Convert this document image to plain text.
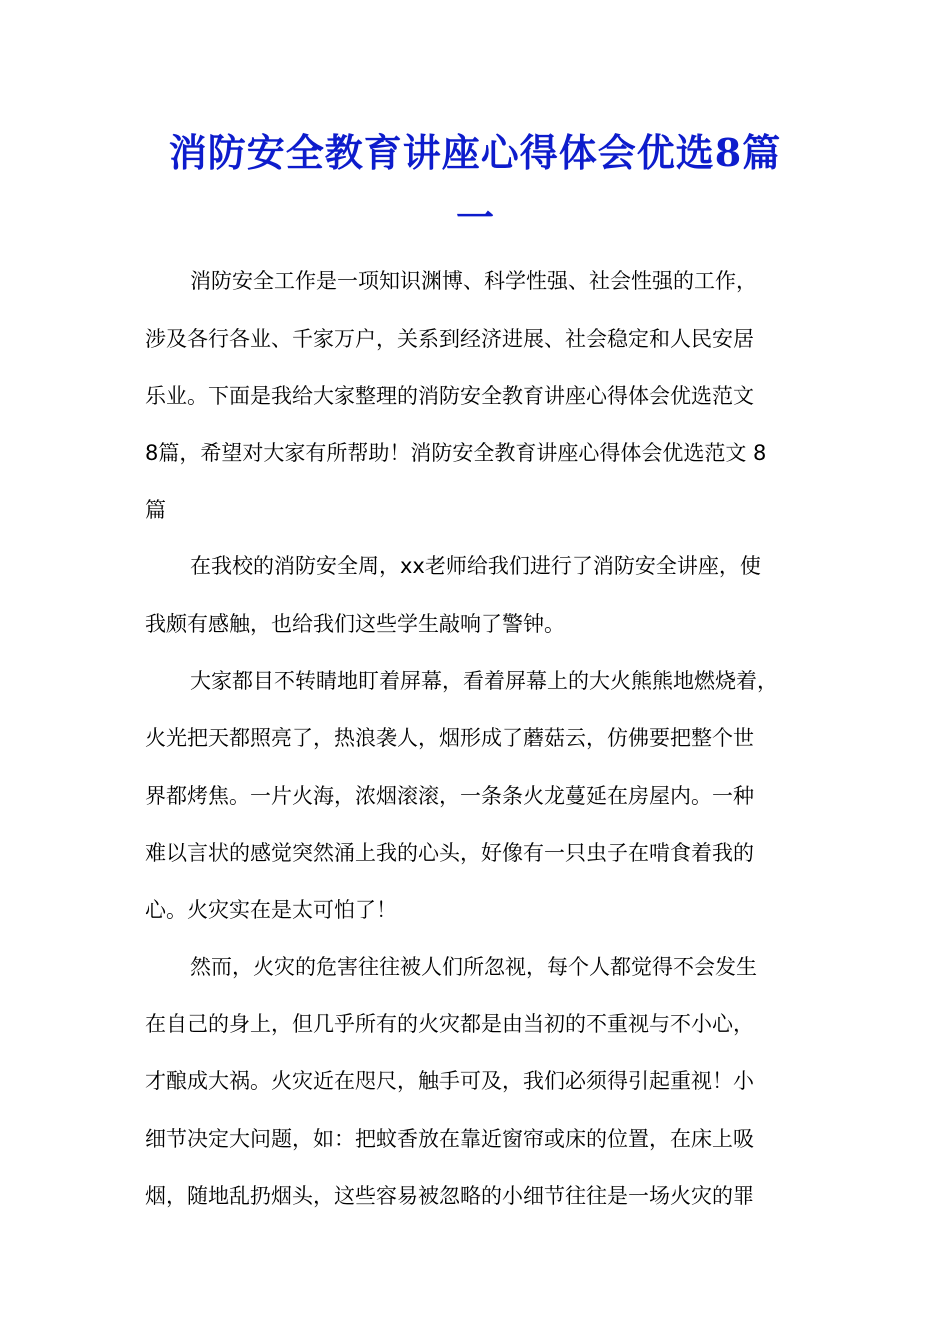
消防安全教育讲座心得体会优选8篇
一
消防安全工作是一项知识渊博、科学性强、社会性强的工作，
涉及各行各业、千家万户，关系到经济进展、社会稳定和人民安居
乐业。下面是我给大家整理的消防安全教育讲座心得体会优选范文
8篇，希望对大家有所帮助！消防安全教育讲座心得体会优选范文 8
篇
在我校的消防安全周，xx老师给我们进行了消防安全讲座，使
我颇有感触，也给我们这些学生敲响了警钟。
大家都目不转睛地盯着屏幕，看着屏幕上的大火熊熊地燃烧着，
火光把天都照亮了，热浪袭人，烟形成了蘑菇云，仿佛要把整个世
界都烤焦。一片火海，浓烟滚滚，一条条火龙蔓延在房屋内。一种
难以言状的感觉突然涌上我的心头，好像有一只虫子在啃食着我的
心。火灾实在是太可怕了！
然而，火灾的危害往往被人们所忽视，每个人都觉得不会发生
在自己的身上，但几乎所有的火灾都是由当初的不重视与不小心，
才酿成大祸。火灾近在咫尺，触手可及，我们必须得引起重视！小
细节决定大问题，如：把蚊香放在靠近窗帘或床的位置，在床上吸
烟，随地乱扔烟头，这些容易被忽略的小细节往往是一场火灾的罪
